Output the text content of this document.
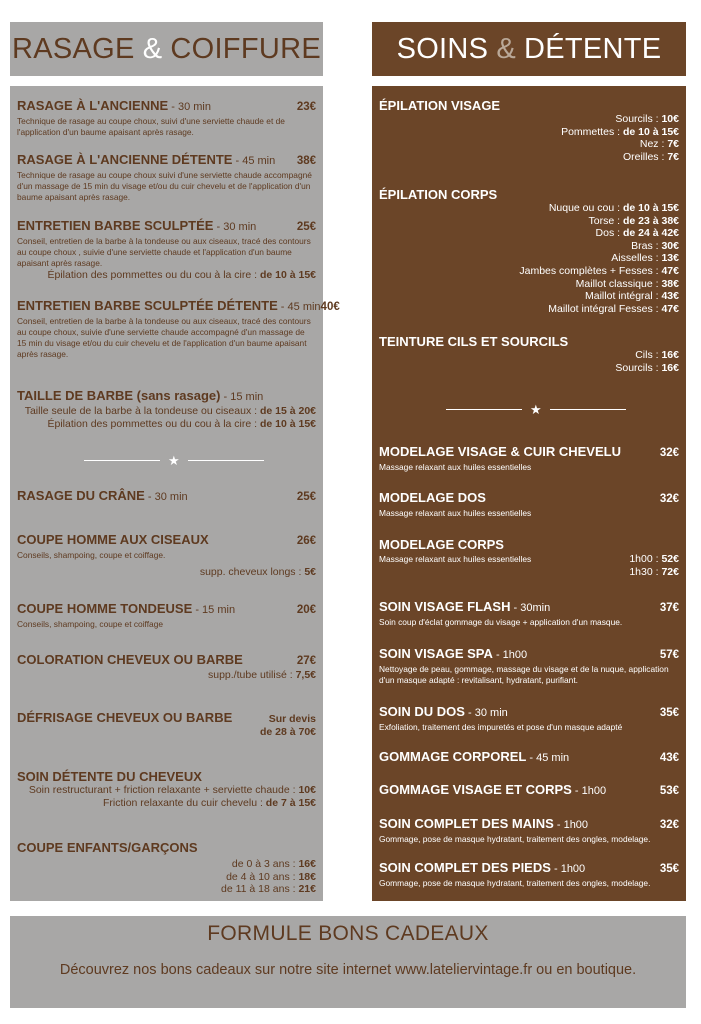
RASAGE & COIFFURE	SOINS & DÉTENTE
RASAGE À L'ANCIENNE - 30 min	23€
Technique de rasage au coupe choux, suivi d'une serviette chaude et de l'application d'un baume apaisant après rasage.
RASAGE À L'ANCIENNE DÉTENTE - 45 min 38€
Technique de rasage au coupe choux suivi d'une serviette chaude accompagné d'un massage de 15 min du visage et/ou du cuir chevelu et de l'application d'un baume apaisant après rasage.
ENTRETIEN BARBE SCULPTÉE - 30 min	25€
Conseil, entretien de la barbe à la tondeuse ou aux ciseaux, tracé des contours au coupe choux , suivie d'une serviette chaude et l'application d'un baume apaisant après rasage.
Épilation des pommettes ou du cou à la cire : de 10 à 15€
ENTRETIEN BARBE SCULPTÉE DÉTENTE - 45 min 40€
Conseil, entretien de la barbe à la tondeuse ou aux ciseaux, tracé des contours au coupe choux, suivie d'une serviette chaude accompagné d'un massage de 15 min du visage et/ou du cuir chevelu et de l'application d'un baume apaisant après rasage.
TAILLE DE BARBE (sans rasage) - 15 min
Taille seule de la barbe à la tondeuse ou ciseaux : de 15 à 20€
Épilation des pommettes ou du cou à la cire : de 10 à 15€
★
RASAGE DU CRÂNE - 30 min	25€
COUPE HOMME AUX CISEAUX	26€
Conseils, shampoing, coupe et coiffage.
supp. cheveux longs : 5€
COUPE HOMME TONDEUSE - 15 min	20€
Conseils, shampoing, coupe et coiffage
COLORATION CHEVEUX OU BARBE	27€
supp./tube utilisé : 7,5€
DÉFRISAGE CHEVEUX OU BARBE	Sur devis
de 28 à 70€
SOIN DÉTENTE DU CHEVEUX
Soin restructurant + friction relaxante + serviette chaude : 10€
Friction relaxante du cuir chevelu : de 7 à 15€
COUPE ENFANTS/GARÇONS
de 0 à 3 ans : 16€
de 4 à 10 ans : 18€
de 11 à 18 ans : 21€
ÉPILATION VISAGE
Sourcils : 10€
Pommettes : de 10 à 15€
Nez : 7€
Oreilles : 7€
ÉPILATION CORPS
Nuque ou cou : de 10 à 15€
Torse : de 23 à 38€
Dos : de 24 à 42€
Bras : 30€
Aisselles : 13€
Jambes complètes + Fesses : 47€
Maillot classique : 38€
Maillot intégral : 43€
Maillot intégral Fesses : 47€
TEINTURE CILS ET SOURCILS
Cils : 16€
Sourcils : 16€
★
MODELAGE VISAGE & CUIR CHEVELU	32€
Massage relaxant aux huiles essentielles
MODELAGE DOS	32€
Massage relaxant aux huiles essentielles
MODELAGE CORPS
Massage relaxant aux huiles essentielles	1h00 : 52€
1h30 : 72€
SOIN VISAGE FLASH - 30min	37€
Soin coup d'éclat gommage du visage + application d'un masque.
SOIN VISAGE SPA - 1h00	57€
Nettoyage de peau, gommage, massage du visage et de la nuque, application d'un masque adapté : revitalisant, hydratant, purifiant.
SOIN DU DOS - 30 min	35€
Exfoliation, traitement des impuretés et pose d'un masque adapté
GOMMAGE CORPOREL - 45 min	43€
GOMMAGE VISAGE ET CORPS - 1h00	53€
SOIN COMPLET DES MAINS - 1h00	32€
Gommage, pose de masque hydratant, traitement des ongles, modelage.
SOIN COMPLET DES PIEDS - 1h00	35€
Gommage, pose de masque hydratant, traitement des ongles, modelage.
FORMULE BONS CADEAUX
Découvrez nos bons cadeaux sur notre site internet www.lateliervintage.fr ou en boutique.
